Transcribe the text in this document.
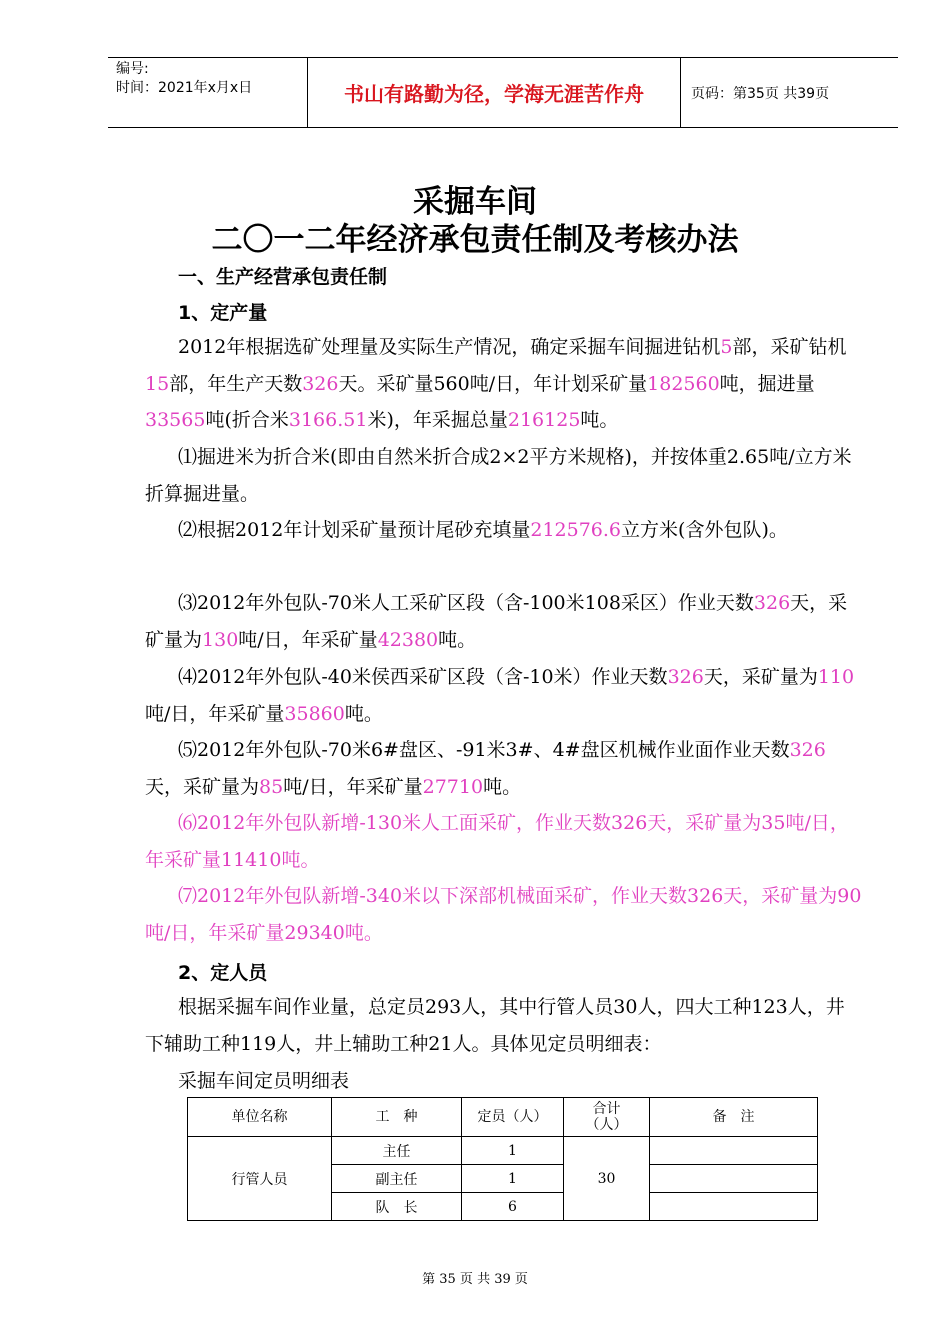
编号:
时间：2021年x月x日	书山有路勤为径，学海无涯苦作舟	页码：第35页 共39页
采掘车间
二〇一二年经济承包责任制及考核办法
一、生产经营承包责任制
1、定产量
2012年根据选矿处理量及实际生产情况，确定采掘车间掘进钻机5部，采矿钻机15部，年生产天数326天。采矿量560吨/日，年计划采矿量182560吨，掘进量33565吨(折合米3166.51米)，年采掘总量216125吨。
⑴掘进米为折合米(即由自然米折合成2×2平方米规格)，并按体重2.65吨/立方米折算掘进量。
⑵根据2012年计划采矿量预计尾砂充填量212576.6立方米(含外包队)。
⑶2012年外包队-70米人工采矿区段（含-100米108采区）作业天数326天，采矿量为130吨/日，年采矿量42380吨。
⑷2012年外包队-40米侯西采矿区段（含-10米）作业天数326天，采矿量为110吨/日，年采矿量35860吨。
⑸2012年外包队-70米6#盘区、-91米3#、4#盘区机械作业面作业天数326天，采矿量为85吨/日，年采矿量27710吨。
⑹2012年外包队新增-130米人工面采矿，作业天数326天，采矿量为35吨/日，年采矿量11410吨。
⑺2012年外包队新增-340米以下深部机械面采矿，作业天数326天，采矿量为90吨/日，年采矿量29340吨。
2、定人员
根据采掘车间作业量，总定员293人，其中行管人员30人，四大工种123人，井下辅助工种119人，井上辅助工种21人。具体见定员明细表：
采掘车间定员明细表
单位名称	工　种	定员（人）	合计（人）	备　注
行管人员	主任	1	30	
	副主任	1		
	队　长	6		
第 35 页 共 39 页
